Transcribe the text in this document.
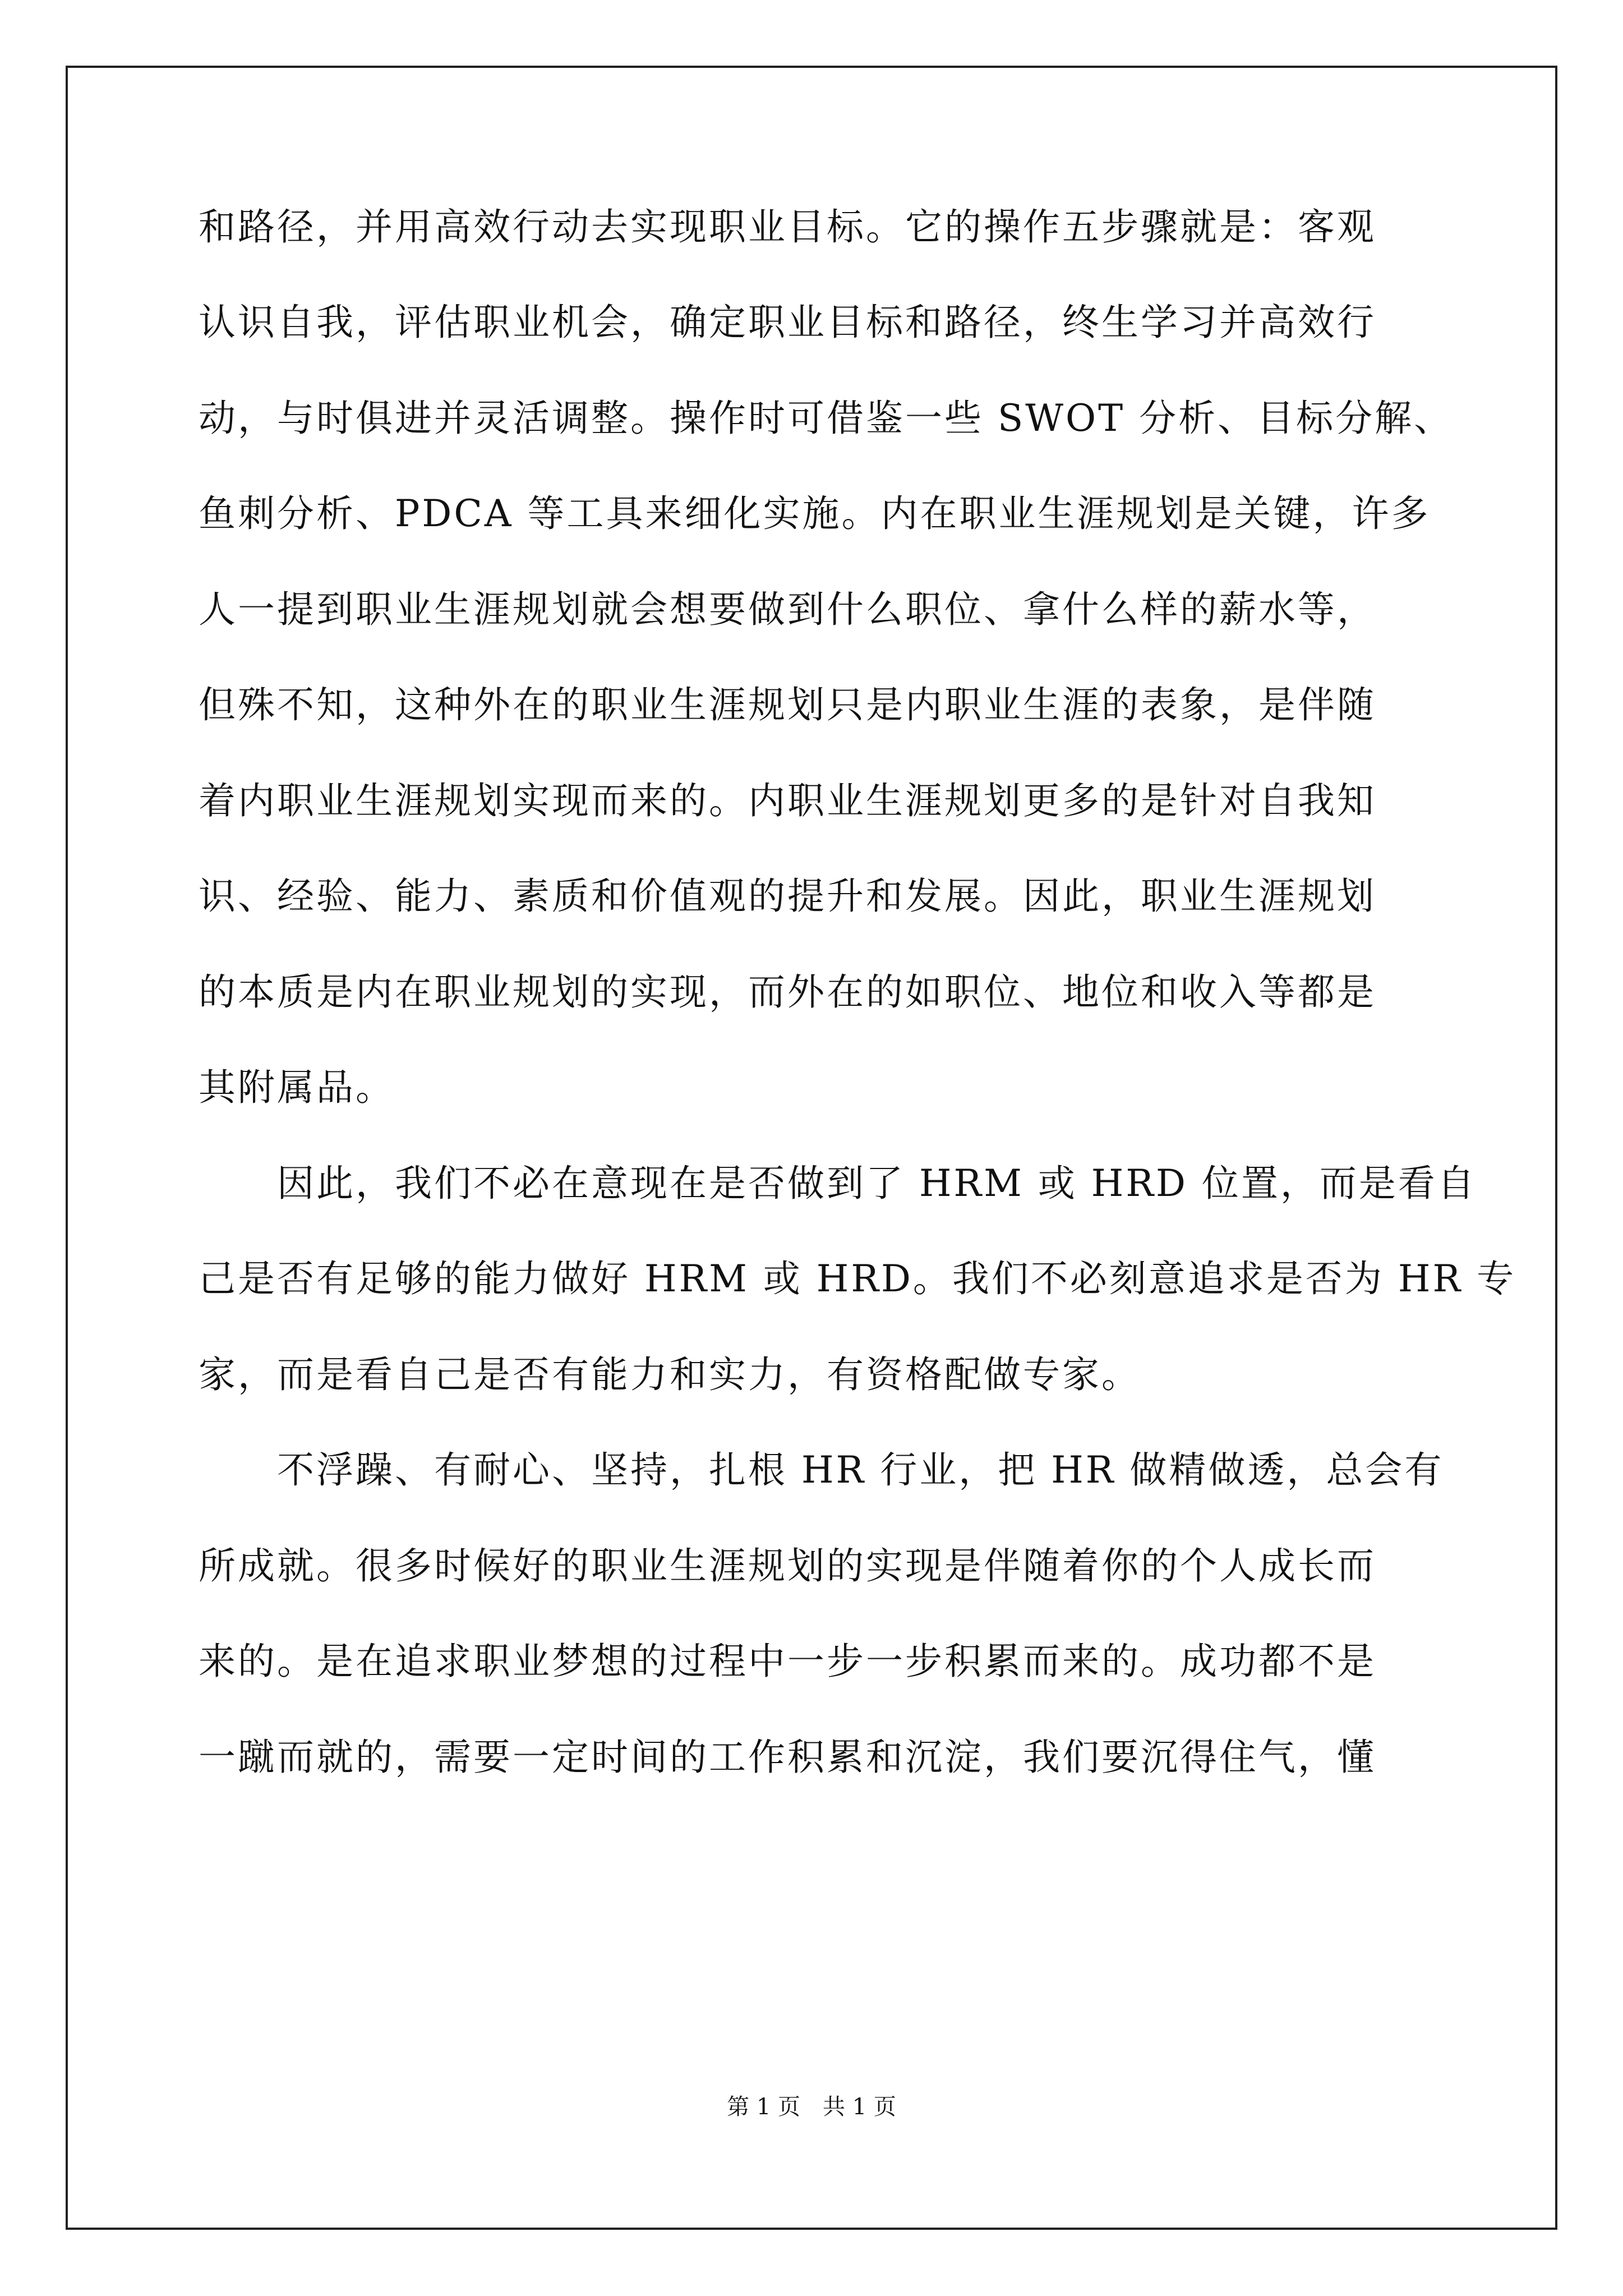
和路径，并用高效行动去实现职业目标。它的操作五步骤就是：客观
认识自我，评估职业机会，确定职业目标和路径，终生学习并高效行
动，与时俱进并灵活调整。操作时可借鉴一些 SWOT 分析、目标分解、
鱼刺分析、PDCA 等工具来细化实施。内在职业生涯规划是关键，许多
人一提到职业生涯规划就会想要做到什么职位、拿什么样的薪水等，
但殊不知，这种外在的职业生涯规划只是内职业生涯的表象，是伴随
着内职业生涯规划实现而来的。内职业生涯规划更多的是针对自我知
识、经验、能力、素质和价值观的提升和发展。因此，职业生涯规划
的本质是内在职业规划的实现，而外在的如职位、地位和收入等都是
其附属品。
　　因此，我们不必在意现在是否做到了 HRM 或 HRD 位置，而是看自
己是否有足够的能力做好 HRM 或 HRD。我们不必刻意追求是否为 HR 专
家，而是看自己是否有能力和实力，有资格配做专家。
　　不浮躁、有耐心、坚持，扎根 HR 行业，把 HR 做精做透，总会有
所成就。很多时候好的职业生涯规划的实现是伴随着你的个人成长而
来的。是在追求职业梦想的过程中一步一步积累而来的。成功都不是
一蹴而就的，需要一定时间的工作积累和沉淀，我们要沉得住气，懂
第 1 页　共 1 页
